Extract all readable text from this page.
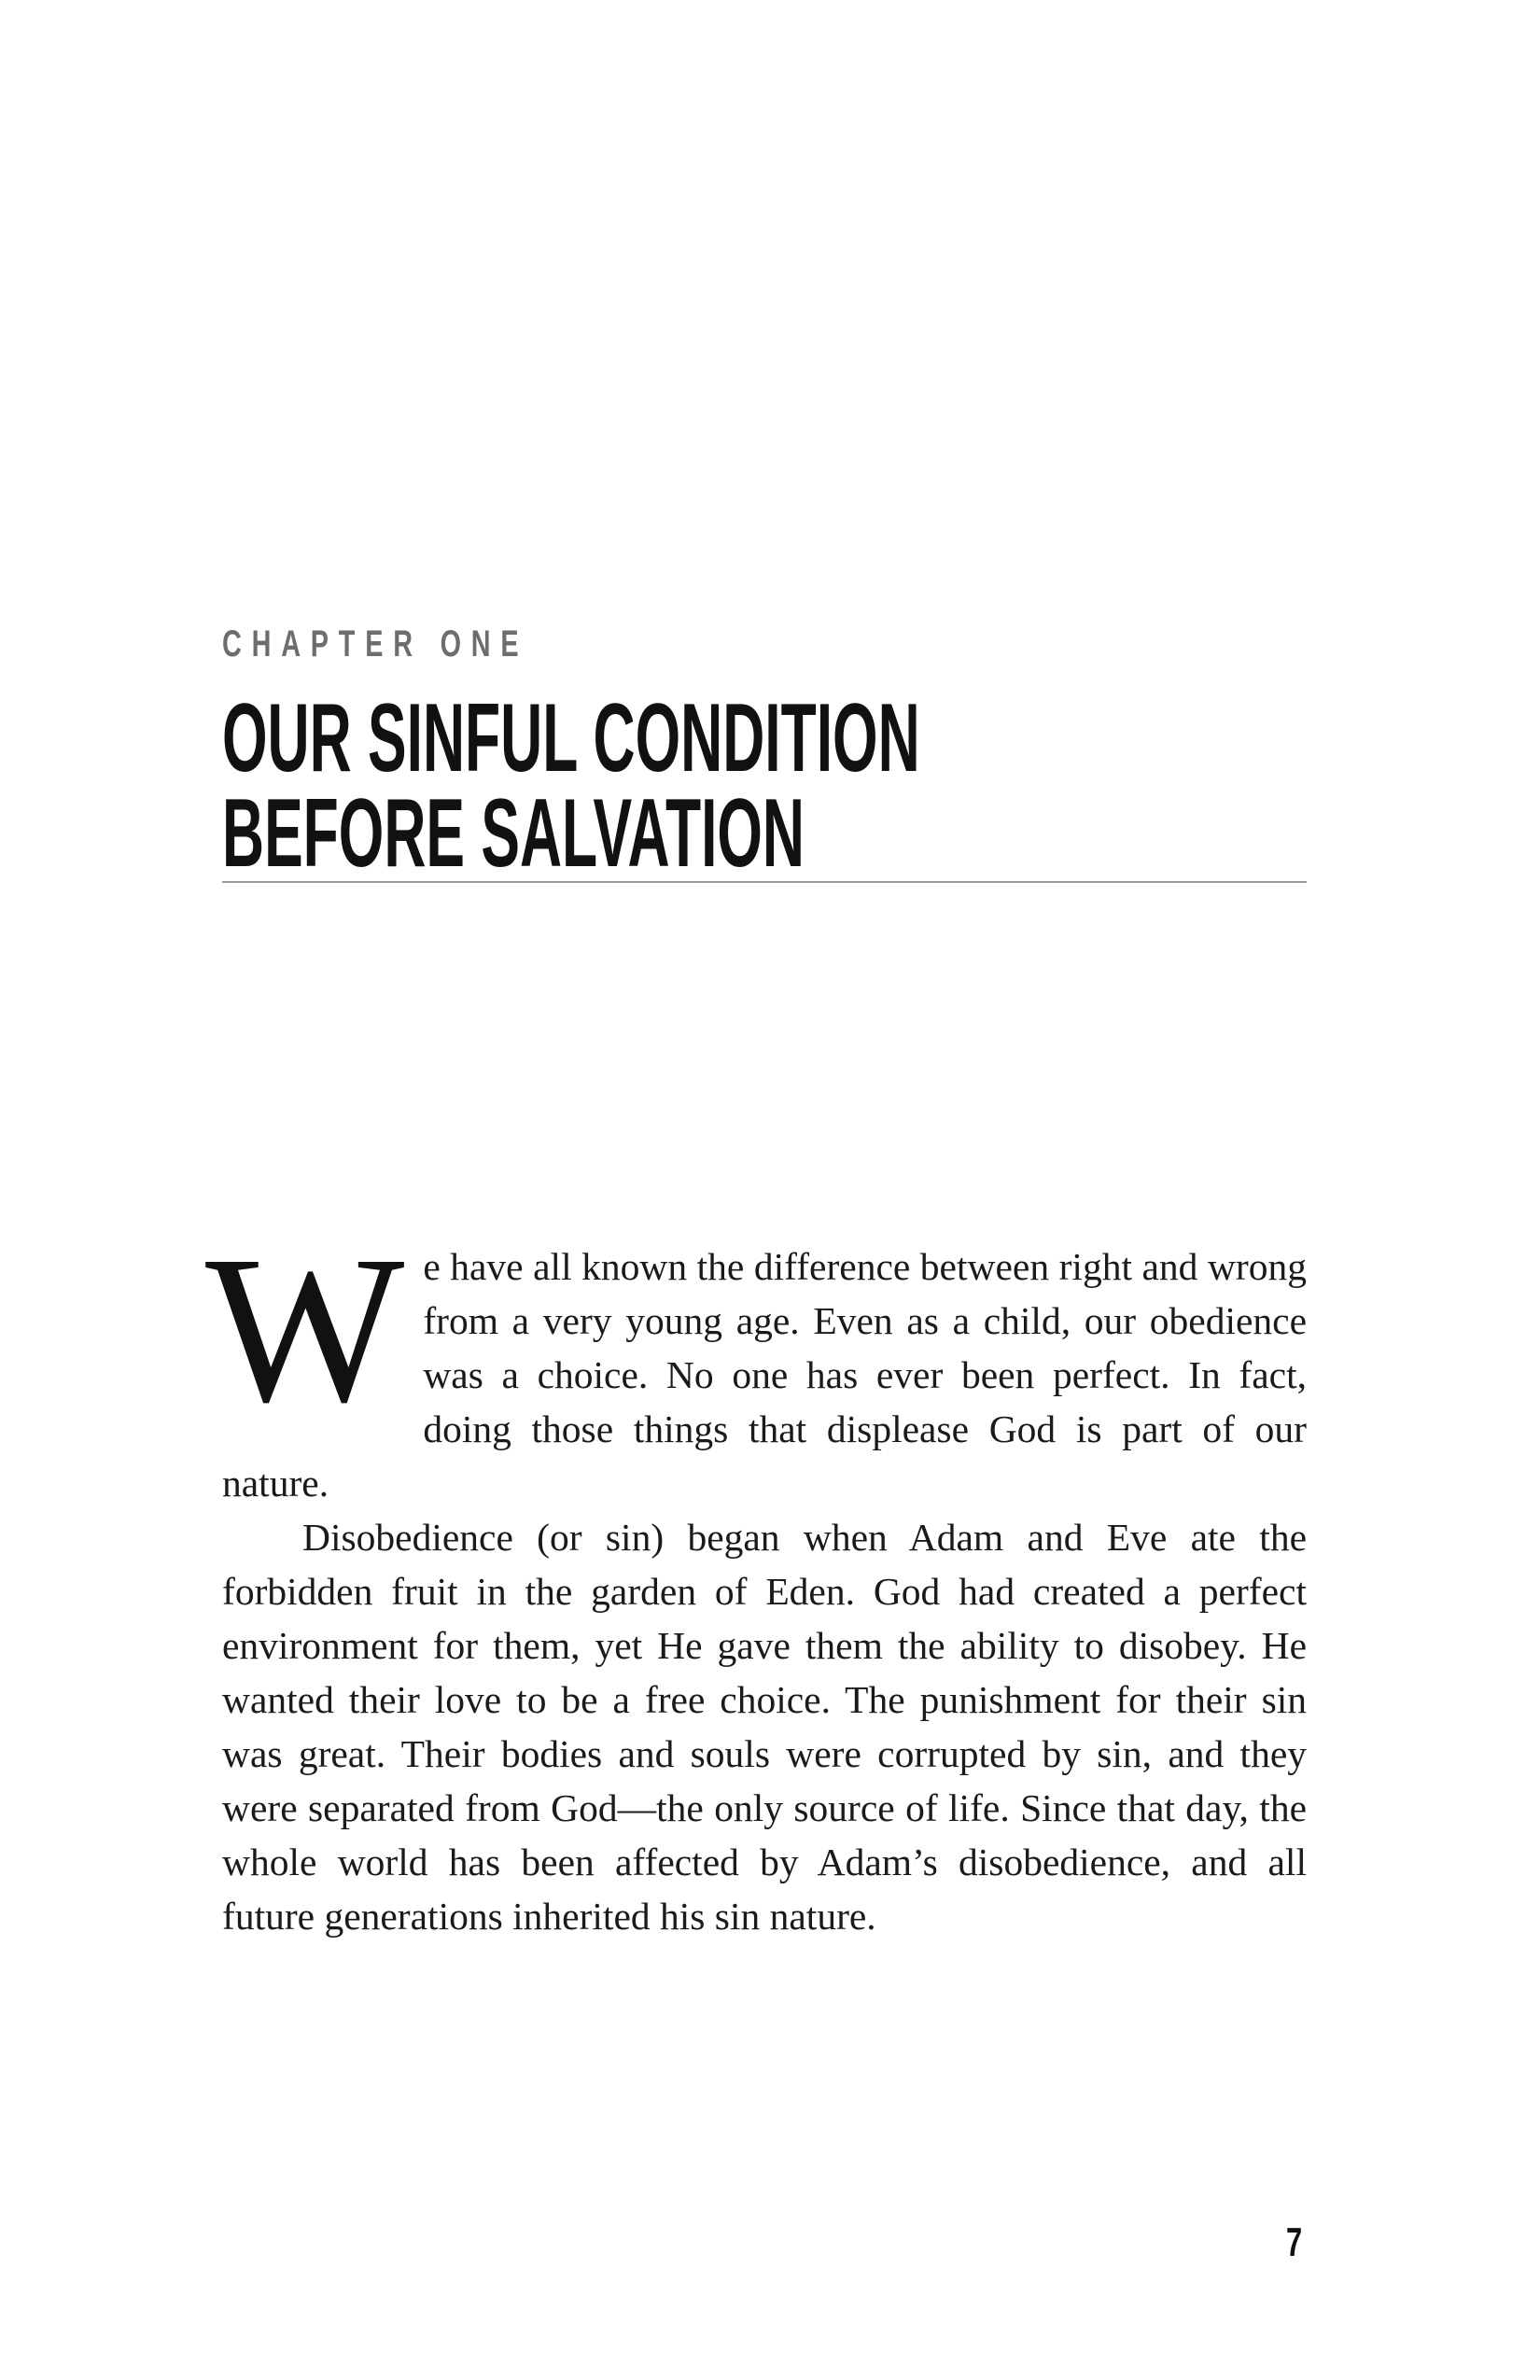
CHAPTER ONE
OUR SINFUL CONDITION
BEFORE SALVATION

We have all known the difference between right and wrong from a very young age. Even as a child, our obedience was a choice. No one has ever been perfect. In fact, doing those things that displease God is part of our nature.

Disobedience (or sin) began when Adam and Eve ate the forbidden fruit in the garden of Eden. God had created a perfect environment for them, yet He gave them the ability to disobey. He wanted their love to be a free choice. The punishment for their sin was great. Their bodies and souls were corrupted by sin, and they were separated from God—the only source of life. Since that day, the whole world has been affected by Adam’s disobedience, and all future generations inherited his sin nature.

7
